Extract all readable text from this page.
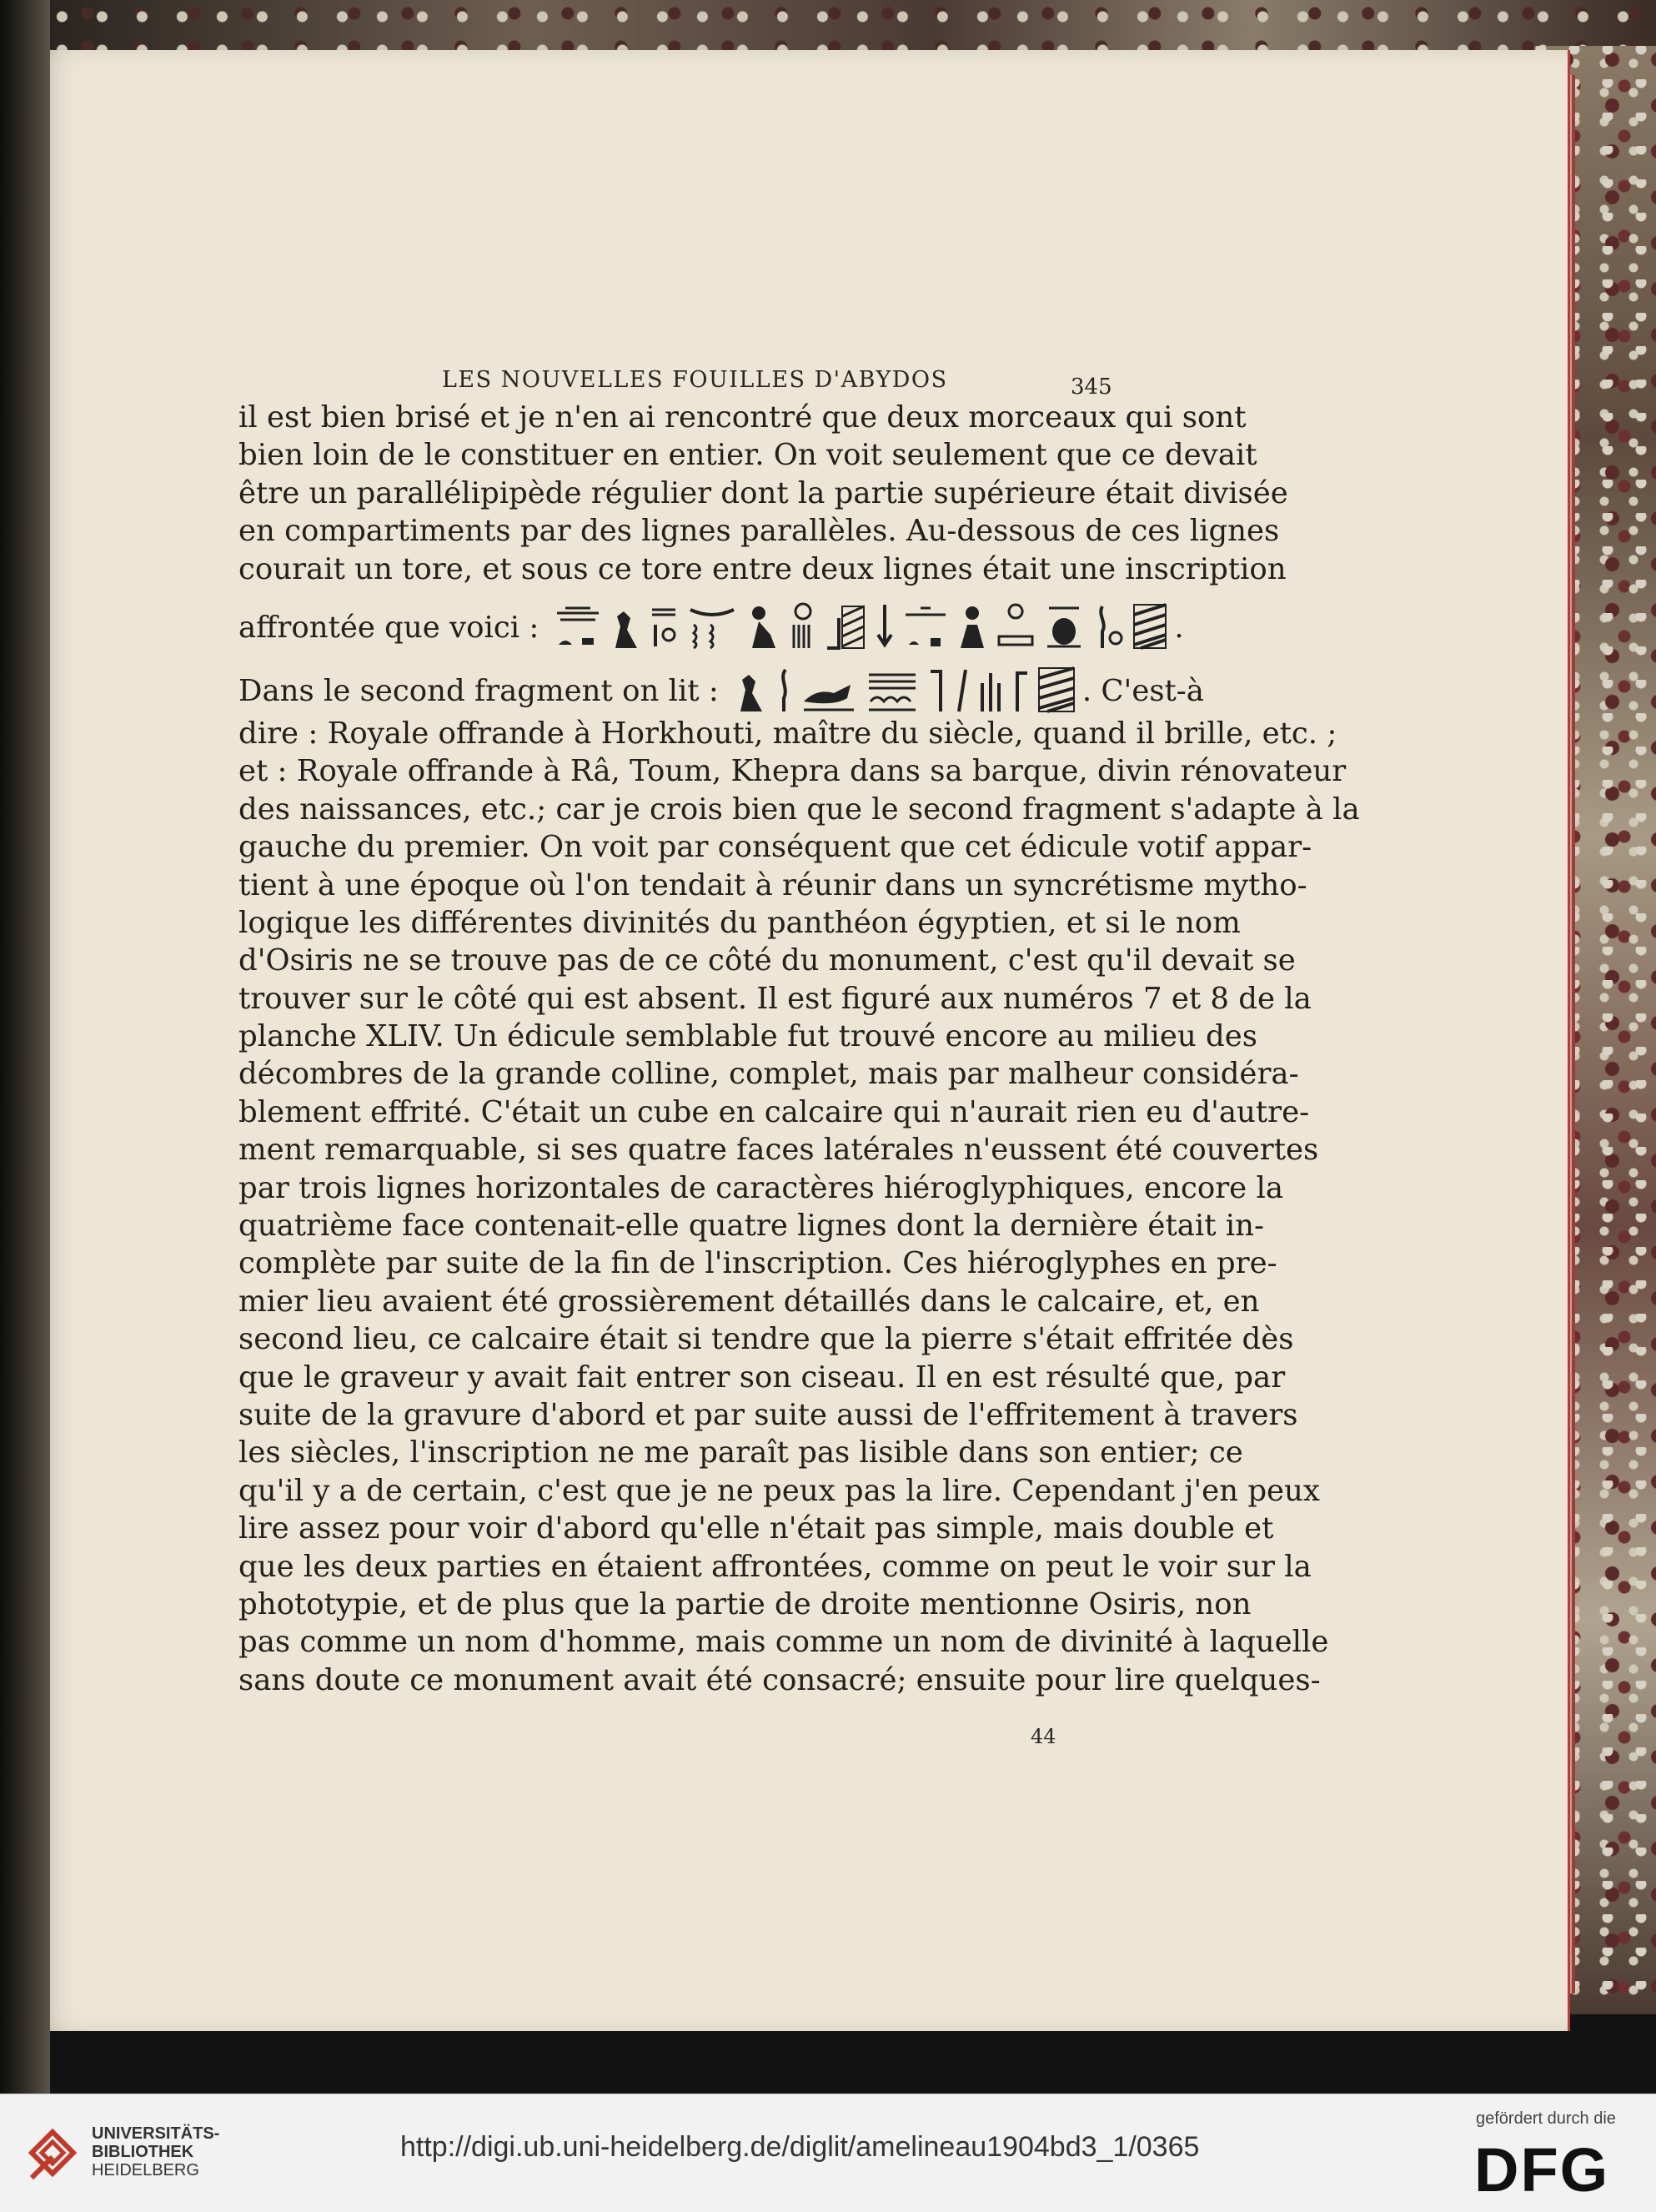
LES NOUVELLES FOUILLES D'ABYDOS	345
il est bien brisé et je n'en ai rencontré que deux morceaux qui sont
bien loin de le constituer en entier. On voit seulement que ce devait
être un parallélipipède régulier dont la partie supérieure était divisée
en compartiments par des lignes parallèles. Au-dessous de ces lignes
courait un tore, et sous ce tore entre deux lignes était une inscription
affrontée que voici :	.
Dans le second fragment on lit :	. C'est-à
dire : Royale offrande à Horkhouti, maître du siècle, quand il brille, etc. ;
et : Royale offrande à Râ, Toum, Khepra dans sa barque, divin rénovateur
des naissances, etc.; car je crois bien que le second fragment s'adapte à la
gauche du premier. On voit par conséquent que cet édicule votif appar-
tient à une époque où l'on tendait à réunir dans un syncrétisme mytho-
logique les différentes divinités du panthéon égyptien, et si le nom
d'Osiris ne se trouve pas de ce côté du monument, c'est qu'il devait se
trouver sur le côté qui est absent. Il est figuré aux numéros 7 et 8 de la
planche XLIV. Un édicule semblable fut trouvé encore au milieu des
décombres de la grande colline, complet, mais par malheur considéra-
blement effrité. C'était un cube en calcaire qui n'aurait rien eu d'autre-
ment remarquable, si ses quatre faces latérales n'eussent été couvertes
par trois lignes horizontales de caractères hiéroglyphiques, encore la
quatrième face contenait-elle quatre lignes dont la dernière était in-
complète par suite de la fin de l'inscription. Ces hiéroglyphes en pre-
mier lieu avaient été grossièrement détaillés dans le calcaire, et, en
second lieu, ce calcaire était si tendre que la pierre s'était effritée dès
que le graveur y avait fait entrer son ciseau. Il en est résulté que, par
suite de la gravure d'abord et par suite aussi de l'effritement à travers
les siècles, l'inscription ne me paraît pas lisible dans son entier; ce
qu'il y a de certain, c'est que je ne peux pas la lire. Cependant j'en peux
lire assez pour voir d'abord qu'elle n'était pas simple, mais double et
que les deux parties en étaient affrontées, comme on peut le voir sur la
phototypie, et de plus que la partie de droite mentionne Osiris, non
pas comme un nom d'homme, mais comme un nom de divinité à laquelle
sans doute ce monument avait été consacré; ensuite pour lire quelques-
44
UNIVERSITÄTS-
BIBLIOTHEK
HEIDELBERG
http://digi.ub.uni-heidelberg.de/diglit/amelineau1904bd3_1/0365
gefördert durch die
DFG
